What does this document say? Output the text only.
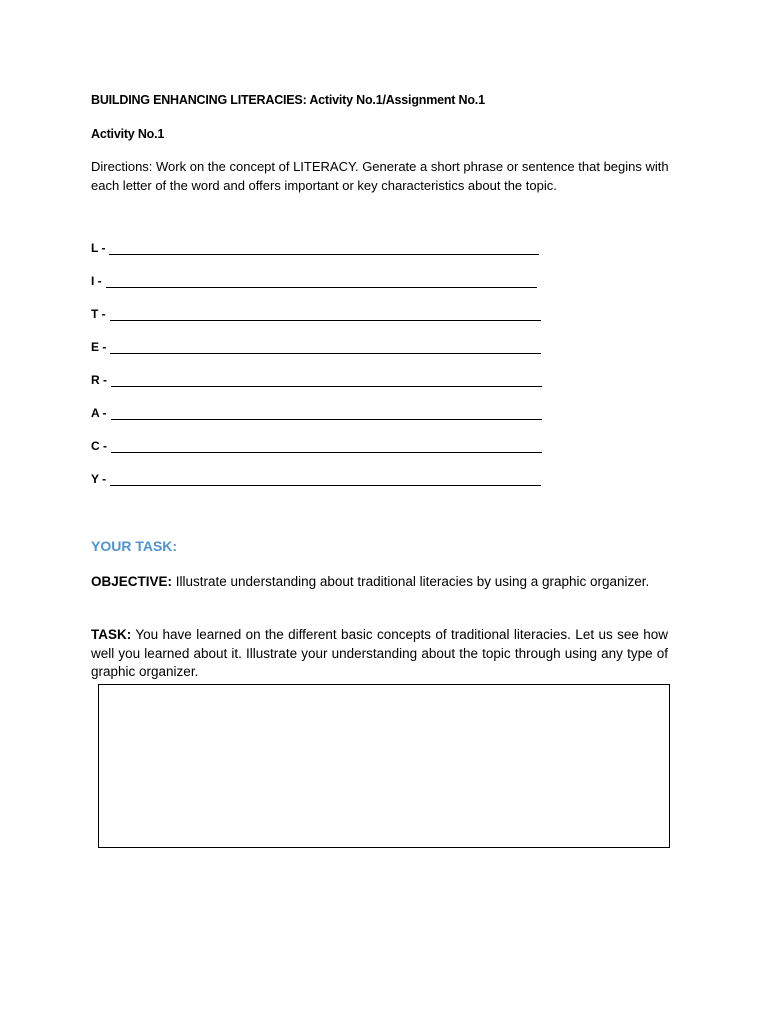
BUILDING ENHANCING LITERACIES: Activity No.1/Assignment No.1
Activity No.1
Directions: Work on the concept of LITERACY. Generate a short phrase or sentence that begins with each letter of the word and offers important or key characteristics about the topic.
L -
I -
T -
E -
R -
A -
C -
Y -
YOUR TASK:
OBJECTIVE: Illustrate understanding about traditional literacies by using a graphic organizer.
TASK: You have learned on the different basic concepts of traditional literacies. Let us see how well you learned about it. Illustrate your understanding about the topic through using any type of graphic organizer.
